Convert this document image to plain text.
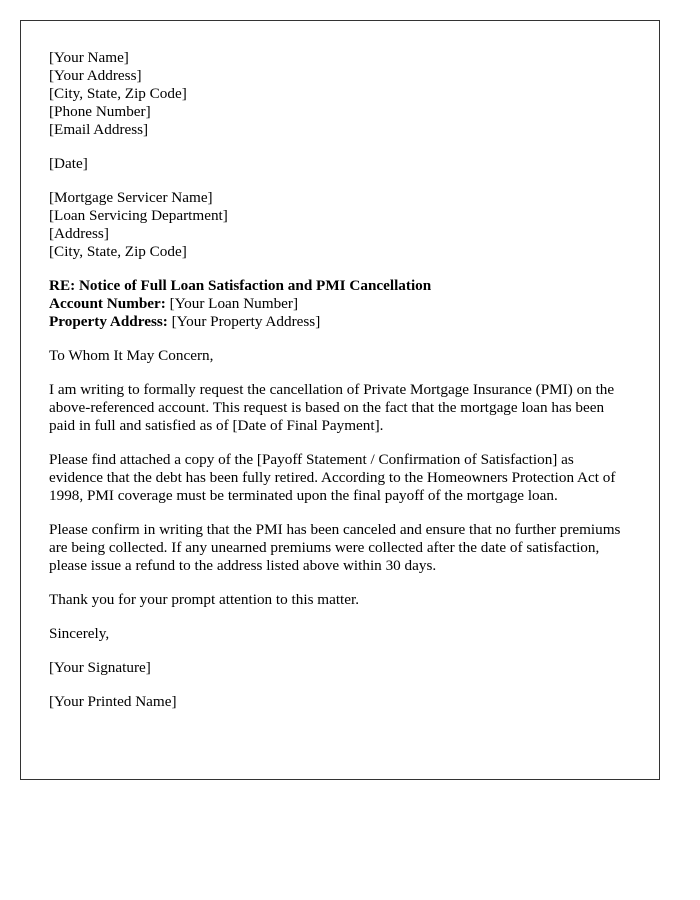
[Your Name]
[Your Address]
[City, State, Zip Code]
[Phone Number]
[Email Address]
[Date]
[Mortgage Servicer Name]
[Loan Servicing Department]
[Address]
[City, State, Zip Code]
RE: Notice of Full Loan Satisfaction and PMI Cancellation
Account Number: [Your Loan Number]
Property Address: [Your Property Address]

To Whom It May Concern,

I am writing to formally request the cancellation of Private Mortgage Insurance (PMI) on the above-referenced account. This request is based on the fact that the mortgage loan has been paid in full and satisfied as of [Date of Final Payment].

Please find attached a copy of the [Payoff Statement / Confirmation of Satisfaction] as evidence that the debt has been fully retired. According to the Homeowners Protection Act of 1998, PMI coverage must be terminated upon the final payoff of the mortgage loan.

Please confirm in writing that the PMI has been canceled and ensure that no further premiums are being collected. If any unearned premiums were collected after the date of satisfaction, please issue a refund to the address listed above within 30 days.

Thank you for your prompt attention to this matter.

Sincerely,

[Your Signature]

[Your Printed Name]
